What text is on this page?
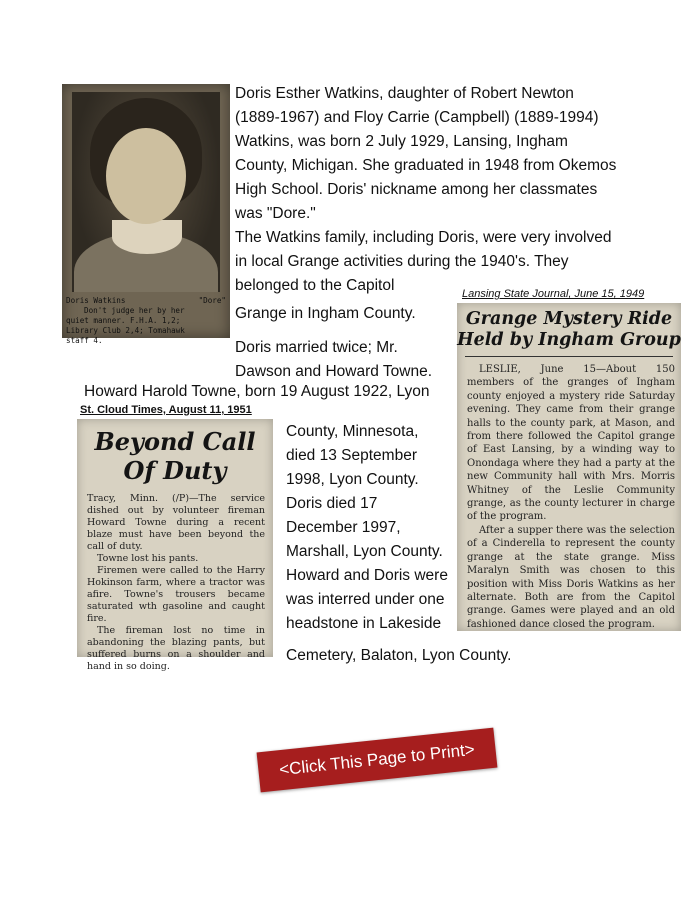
Doris Watkins	"Dore"
Don't judge her by her
quiet manner. F.H.A. 1,2;
Library Club 2,4; Tomahawk
staff 4.

Doris Esther Watkins, daughter of Robert Newton (1889-1967) and Floy Carrie (Campbell) (1889-1994) Watkins, was born 2 July 1929, Lansing, Ingham County, Michigan. She graduated in 1948 from Okemos High School. Doris' nickname among her classmates was "Dore."

The Watkins family, including Doris, were very involved in local Grange activities during the 1940's. They belonged to the Capitol

Grange in Ingham County.

Doris married twice; Mr. Dawson and Howard Towne.

Howard Harold Towne, born 19 August 1922, Lyon

County, Minnesota, died 13 September 1998, Lyon County. Doris died 17 December 1997, Marshall, Lyon County. Howard and Doris were was interred under one headstone in Lakeside

Cemetery, Balaton, Lyon County.

St. Cloud Times, August 11, 1951

Beyond Call

Of Duty

Tracy, Minn. (/P)—The service dished out by volunteer fireman Howard Towne during a recent blaze must have been beyond the call of duty.

Towne lost his pants.

Firemen were called to the Harry Hokinson farm, where a tractor was afire. Towne's trousers became saturated wth gasoline and caught fire.

The fireman lost no time in abandoning the blazing pants, but suffered burns on a shoulder and hand in so doing.

Lansing State Journal, June 15, 1949

Grange Mystery Ride

Held by Ingham Group

LESLIE, June 15—About 150 members of the granges of Ingham county enjoyed a mystery ride Saturday evening. They came from their grange halls to the county park, at Mason, and from there followed the Capitol grange of East Lansing, by a winding way to Onondaga where they had a party at the new Community hall with Mrs. Morris Whitney of the Leslie Community grange, as the county lecturer in charge of the program.

After a supper there was the selection of a Cinderella to represent the county grange at the state grange. Miss Maralyn Smith was chosen to this position with Miss Doris Watkins as her alternate. Both are from the Capitol grange. Games were played and an old fashioned dance closed the program.

<Click This Page to Print>
